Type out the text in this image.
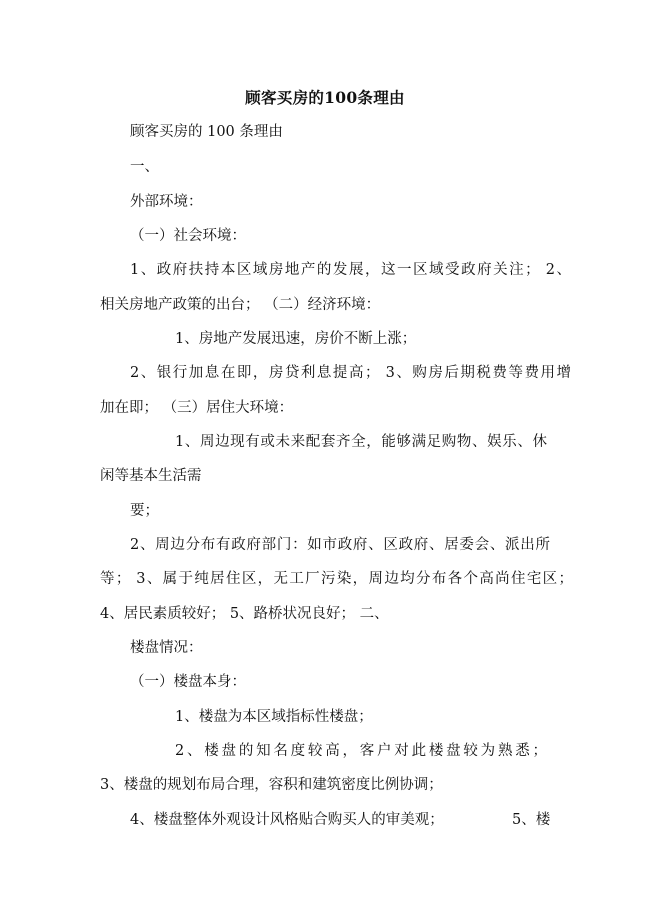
顾客买房的100条理由
顾客买房的 100 条理由
一、
外部环境：
（一）社会环境：
1、政府扶持本区域房地产的发展，这一区域受政府关注； 2、
相关房地产政策的出台； （二）经济环境：
1、房地产发展迅速，房价不断上涨；
2、银行加息在即，房贷利息提高； 3、购房后期税费等费用增
加在即； （三）居住大环境：
1、周边现有或未来配套齐全，能够满足购物、娱乐、休
闲等基本生活需
要；
2、周边分布有政府部门：如市政府、区政府、居委会、派出所
等； 3、属于纯居住区，无工厂污染，周边均分布各个高尚住宅区；
4、居民素质较好； 5、路桥状况良好； 二、
楼盘情况：
（一）楼盘本身：
1、楼盘为本区域指标性楼盘；
2、楼盘的知名度较高，客户对此楼盘较为熟悉；
3、楼盘的规划布局合理，容积和建筑密度比例协调；
4、楼盘整体外观设计风格贴合购买人的审美观；	5、楼
